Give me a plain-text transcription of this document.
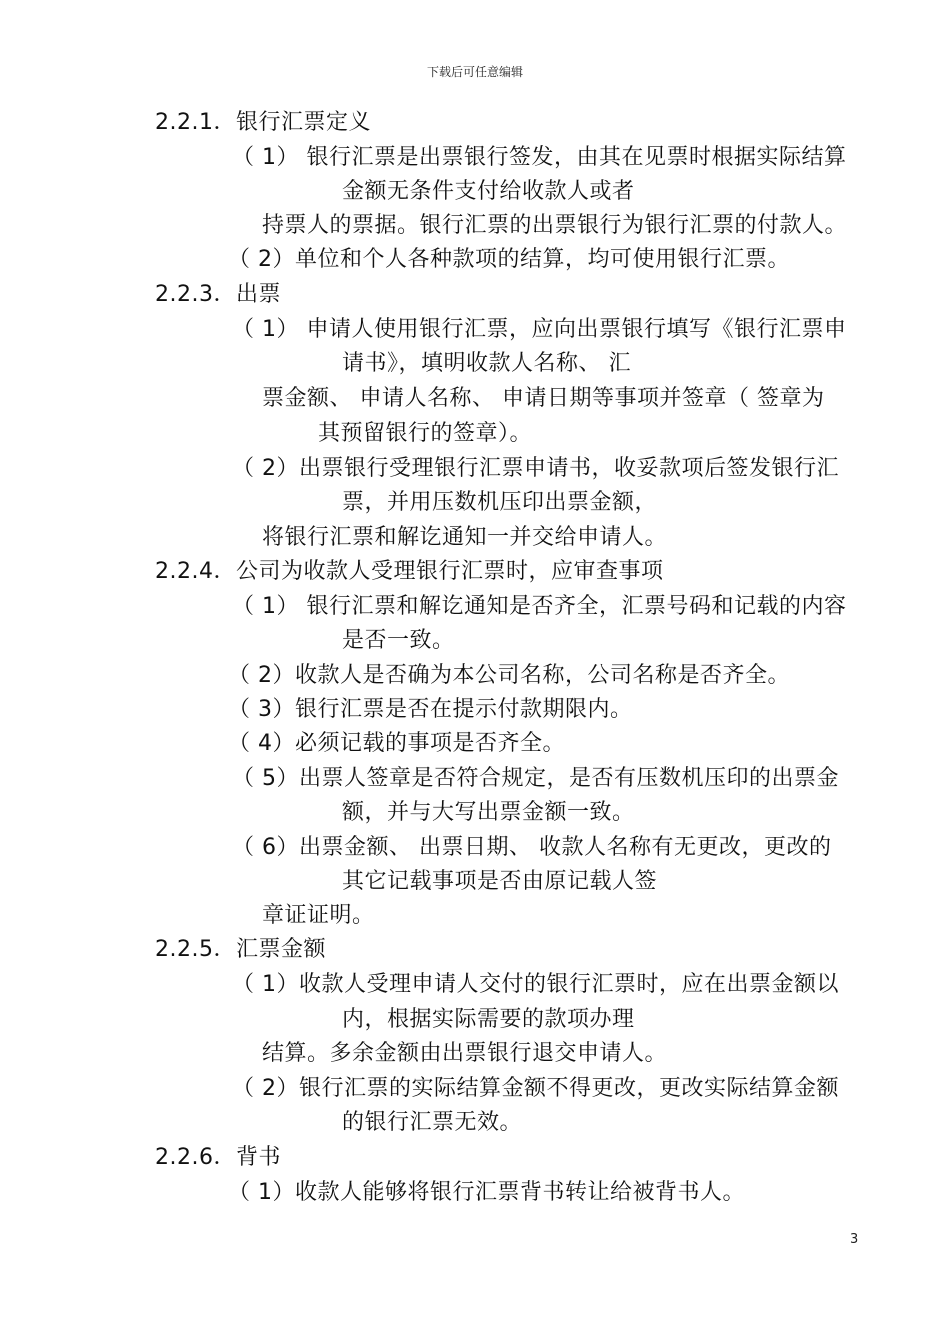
下载后可任意编辑
2.2.1．银行汇票定义
（ 1） 银行汇票是出票银行签发，由其在见票时根据实际结算
金额无条件支付给收款人或者
持票人的票据。银行汇票的出票银行为银行汇票的付款人。
（ 2）单位和个人各种款项的结算，均可使用银行汇票。
2.2.3．出票
（ 1） 申请人使用银行汇票，应向出票银行填写《银行汇票申
请书》，填明收款人名称、 汇
票金额、 申请人名称、 申请日期等事项并签章（ 签章为
其预留银行的签章）。
（ 2）出票银行受理银行汇票申请书，收妥款项后签发银行汇
票，并用压数机压印出票金额，
将银行汇票和解讫通知一并交给申请人。
2.2.4．公司为收款人受理银行汇票时，应审查事项
（ 1） 银行汇票和解讫通知是否齐全，汇票号码和记载的内容
是否一致。
（ 2）收款人是否确为本公司名称，公司名称是否齐全。
（ 3）银行汇票是否在提示付款期限内。
（ 4）必须记载的事项是否齐全。
（ 5）出票人签章是否符合规定，是否有压数机压印的出票金
额，并与大写出票金额一致。
（ 6）出票金额、 出票日期、 收款人名称有无更改，更改的
其它记载事项是否由原记载人签
章证证明。
2.2.5．汇票金额
（ 1）收款人受理申请人交付的银行汇票时，应在出票金额以
内，根据实际需要的款项办理
结算。多余金额由出票银行退交申请人。
（ 2）银行汇票的实际结算金额不得更改，更改实际结算金额
的银行汇票无效。
2.2.6．背书
（ 1）收款人能够将银行汇票背书转让给被背书人。
3
